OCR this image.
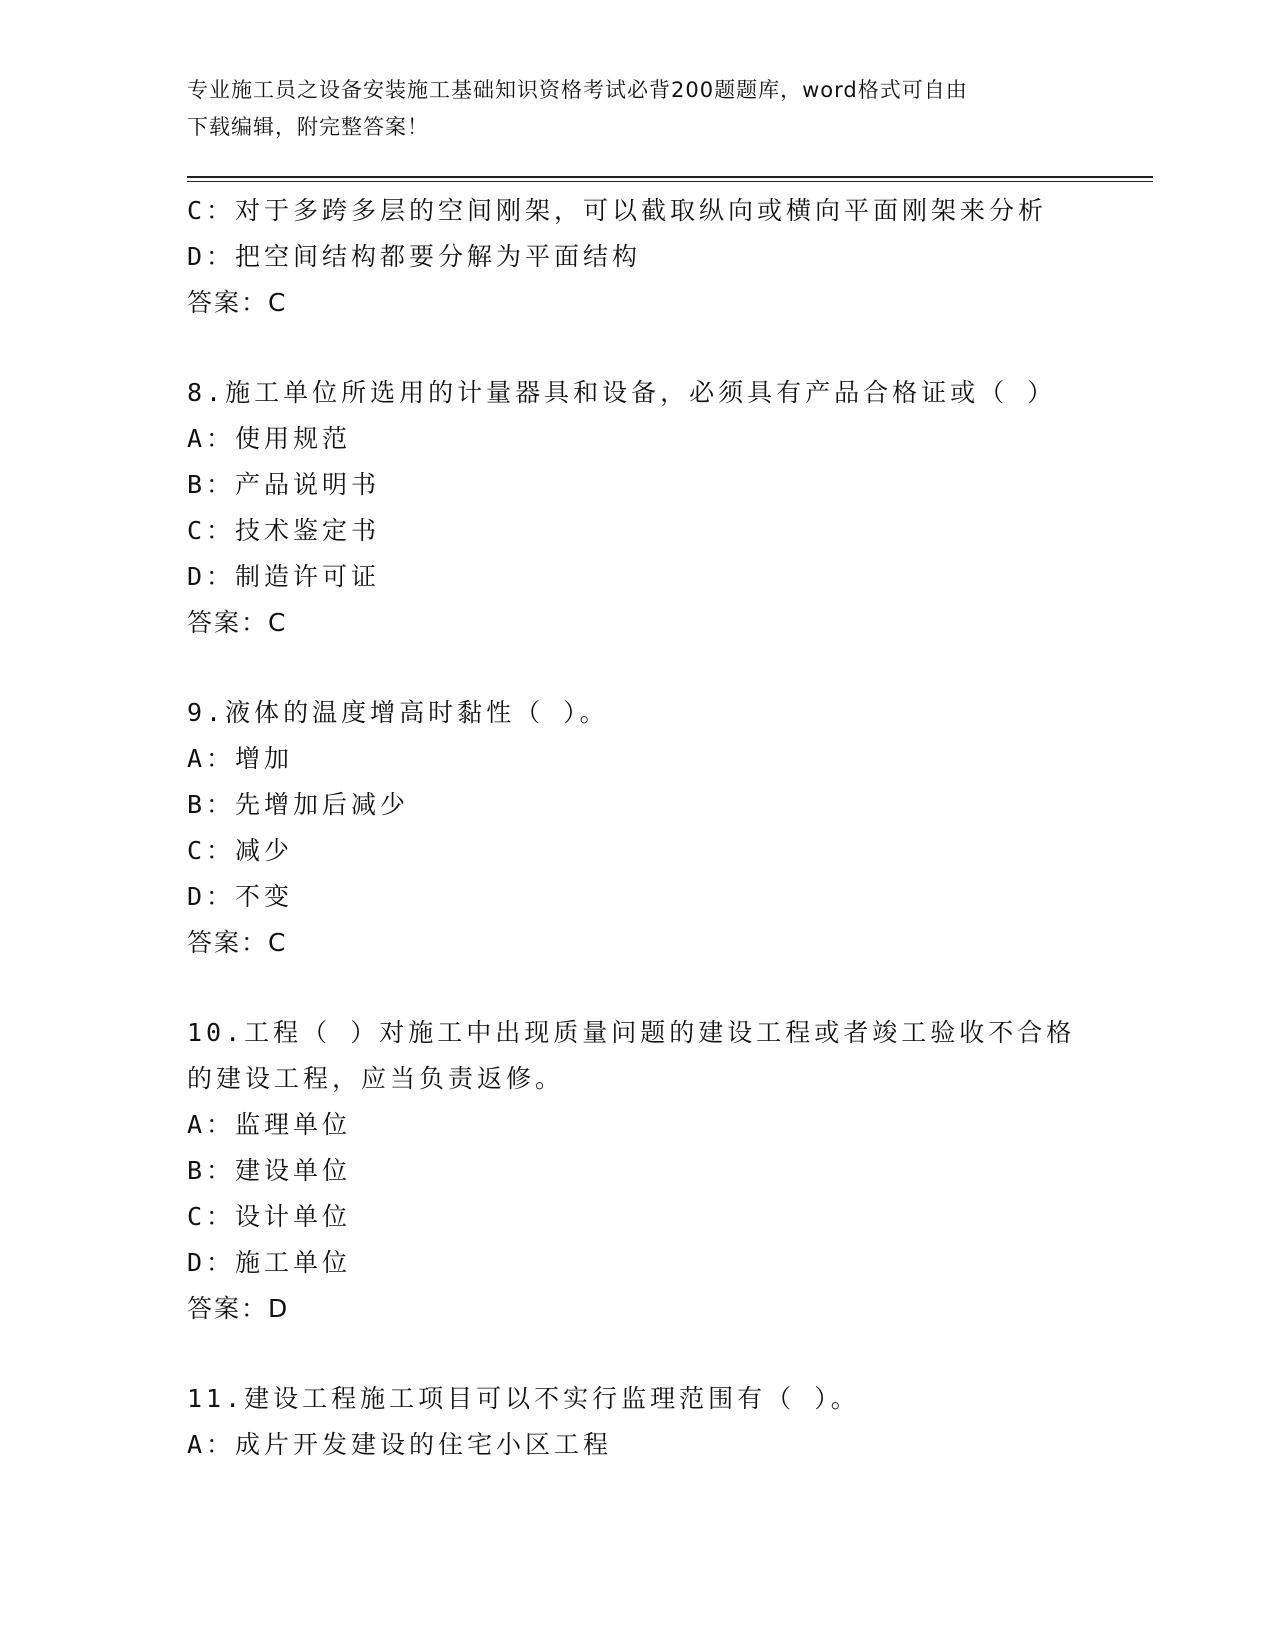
专业施工员之设备安装施工基础知识资格考试必背200题题库，word格式可自由
下载编辑，附完整答案！
C：对于多跨多层的空间刚架，可以截取纵向或横向平面刚架来分析
D：把空间结构都要分解为平面结构
答案：C
8.施工单位所选用的计量器具和设备，必须具有产品合格证或（ ）
A：使用规范
B：产品说明书
C：技术鉴定书
D：制造许可证
答案：C
9.液体的温度增高时黏性（ ）。
A：增加
B：先增加后减少
C：减少
D：不变
答案：C
10.工程（ ）对施工中出现质量问题的建设工程或者竣工验收不合格
的建设工程，应当负责返修。
A：监理单位
B：建设单位
C：设计单位
D：施工单位
答案：D
11.建设工程施工项目可以不实行监理范围有（ ）。
A：成片开发建设的住宅小区工程
